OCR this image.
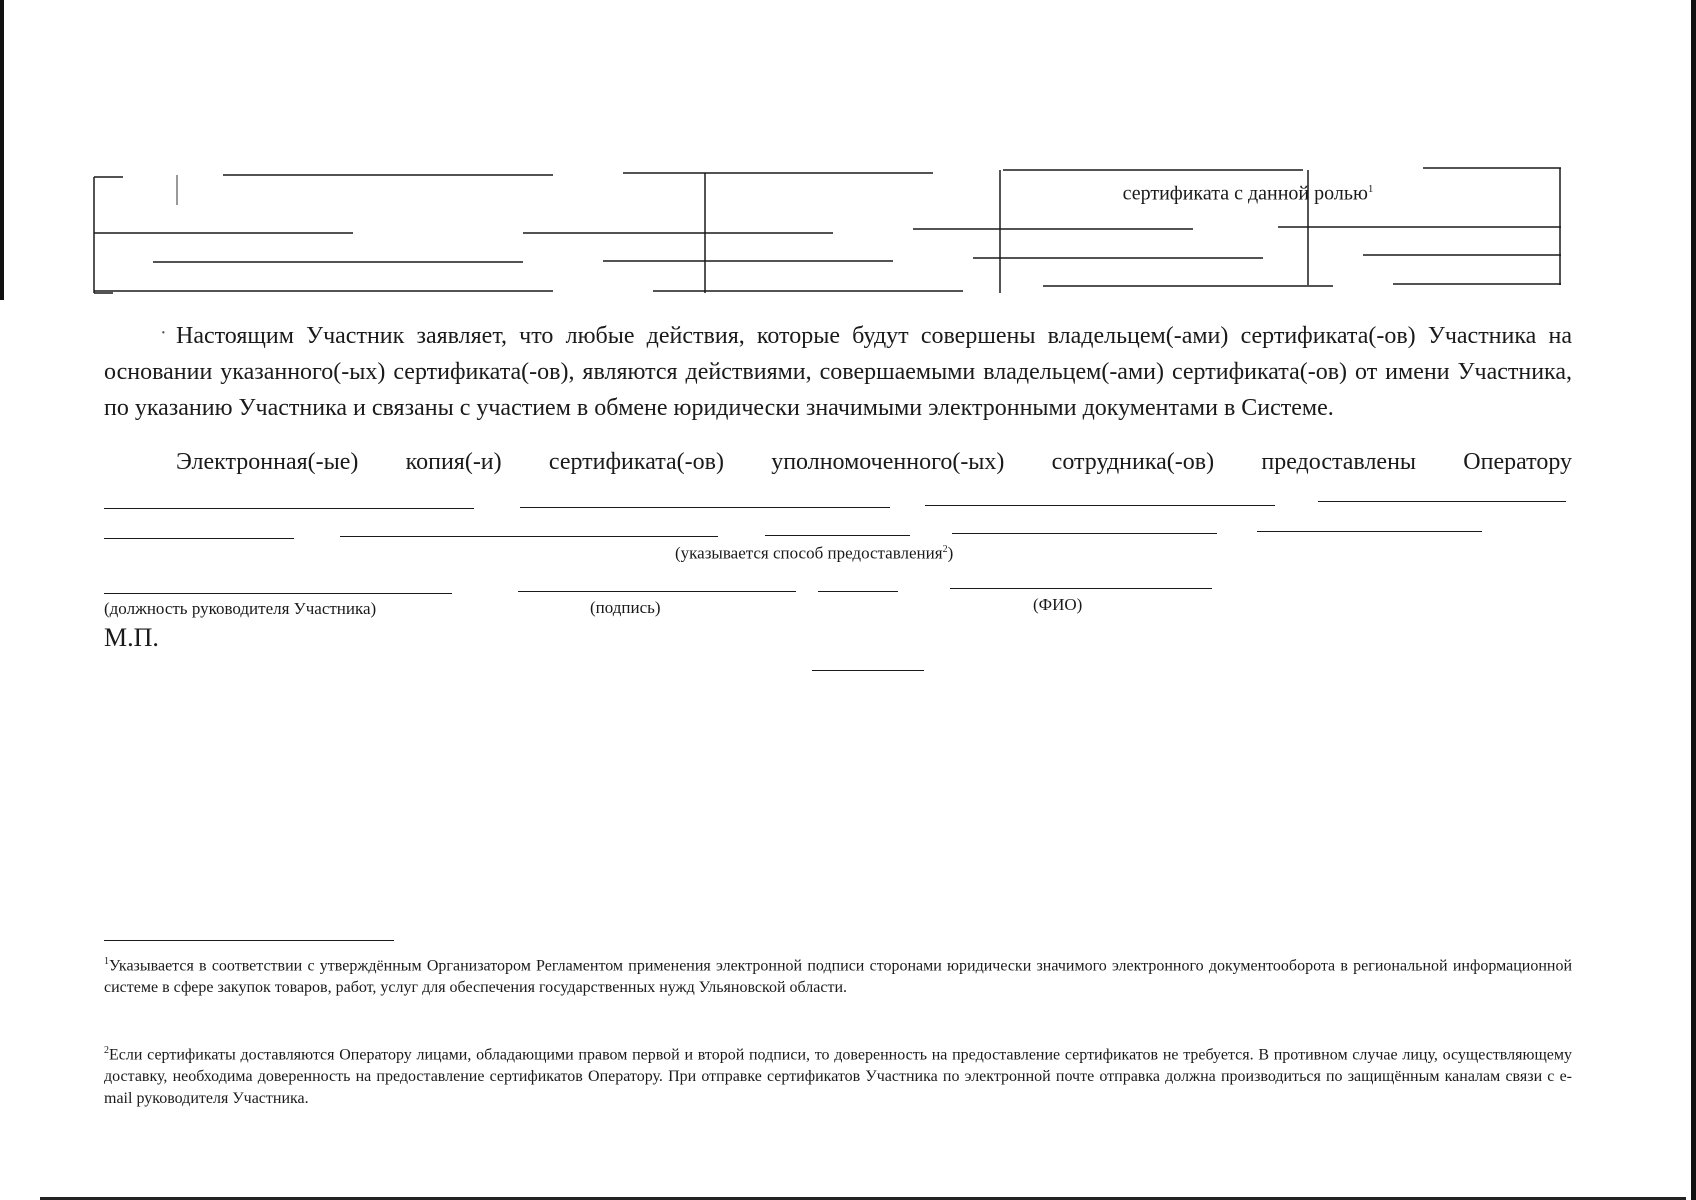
сертификата с данной ролью$^1$
· Настоящим Участник заявляет, что любые действия, которые будут совершены владельцем(-ами) сертификата(-ов) Участника на основании указанного(-ых) сертификата(-ов), являются действиями, совершаемыми владельцем(-ами) сертификата(-ов) от имени Участника, по указанию Участника и связаны с участием в обмене юридически значимыми электронными документами в Системе.
Электронная(-ые) копия(-и) сертификата(-ов) уполномоченного(-ых) сотрудника(-ов) предоставлены Оператору
(указывается способ предоставления$^2$)
(должность руководителя Участника)	(подпись)	(ФИО)
М.П.
$^1$Указывается в соответствии с утверждённым Организатором Регламентом применения электронной подписи сторонами юридически значимого электронного документооборота в региональной информационной системе в сфере закупок товаров, работ, услуг для обеспечения государственных нужд Ульяновской области.
$^2$Если сертификаты доставляются Оператору лицами, обладающими правом первой и второй подписи, то доверенность на предоставление сертификатов не требуется. В противном случае лицу, осуществляющему доставку, необходима доверенность на предоставление сертификатов Оператору. При отправке сертификатов Участника по электронной почте отправка должна производиться по защищённым каналам связи с e-mail руководителя Участника.
